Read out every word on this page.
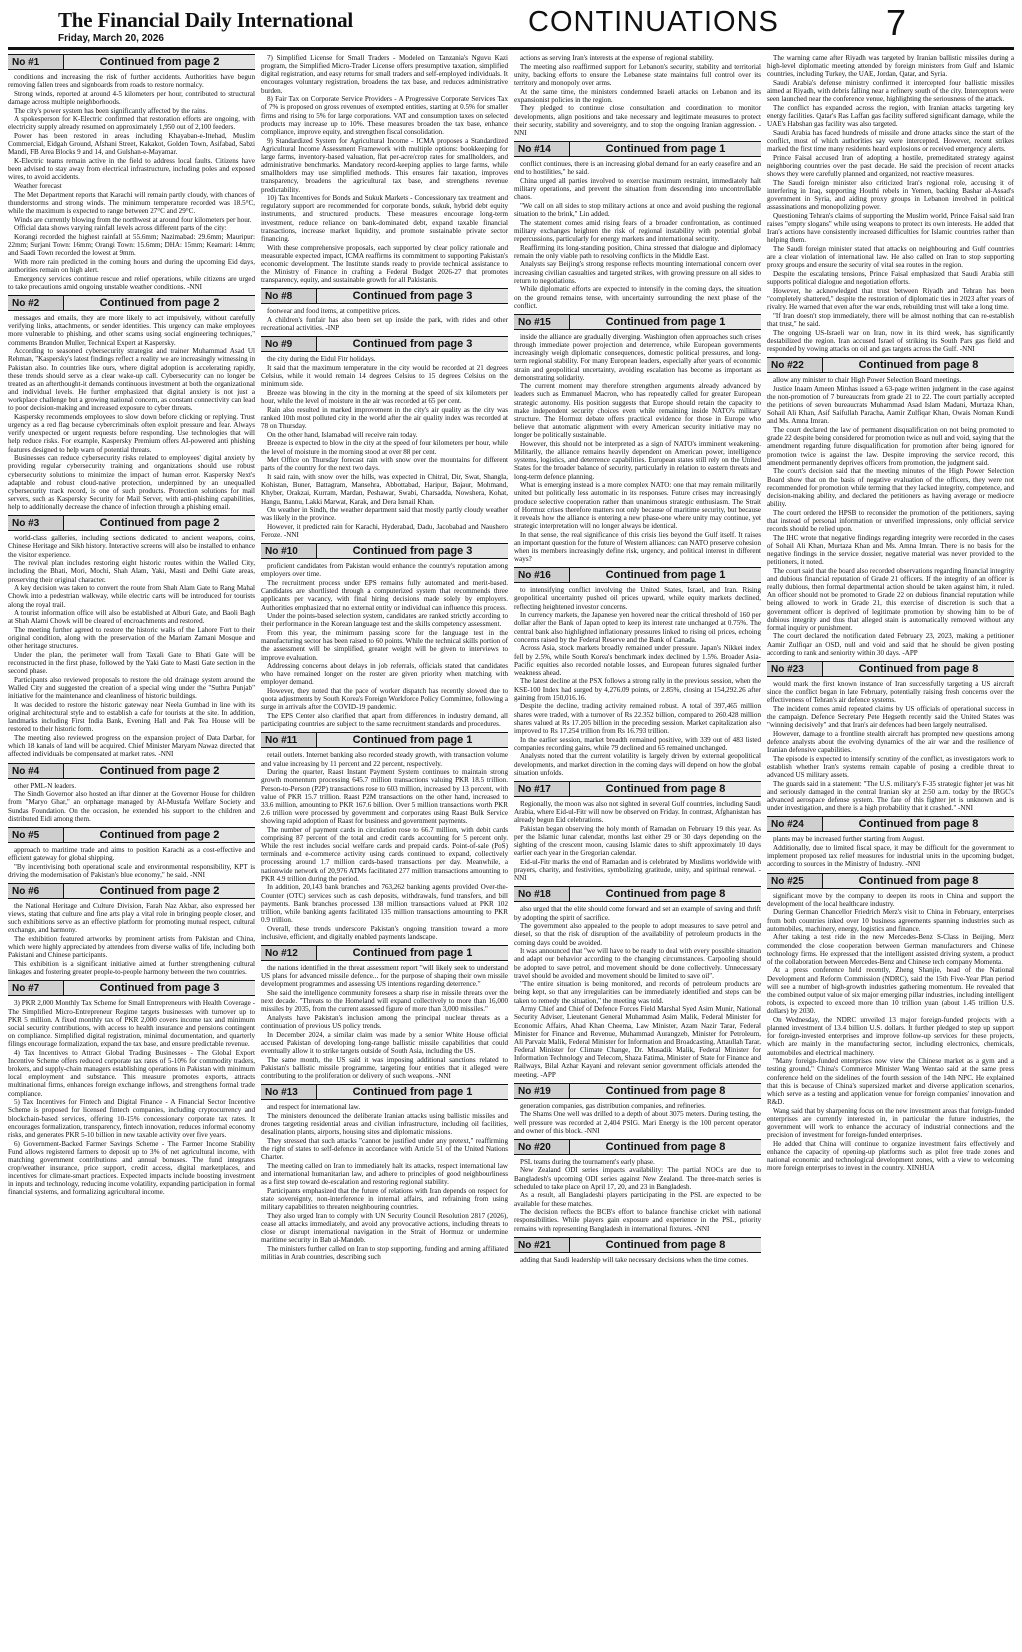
The Financial Daily International
Friday, March 20, 2026
CONTINUATIONS	7
No #1	Continued from page 2

conditions and increasing the risk of further accidents. Authorities have begun removing fallen trees and signboards from roads to restore normalcy.

Strong winds, reported at around 4-5 kilometers per hour, contributed to structural damage across multiple neighborhoods.

The city's power system has been significantly affected by the rains.

A spokesperson for K-Electric confirmed that restoration efforts are ongoing, with electricity supply already resumed on approximately 1,950 out of 2,100 feeders.

Power has been restored in areas including Khayaban-e-Ittehad, Muslim Commercial, Eidgah Ground, Afshani Street, Kakakot, Golden Town, Asifabad, Sabzi Mandi, FB Area Blocks 9 and 14, and Gulshan-e-Mayamar.

K-Electric teams remain active in the field to address local faults. Citizens have been advised to stay away from electrical infrastructure, including poles and exposed wires, to avoid accidents.

Weather forecast

The Met Department reports that Karachi will remain partly cloudy, with chances of thunderstorms and strong winds. The minimum temperature recorded was 18.5°C, while the maximum is expected to range between 27°C and 29°C.

Winds are currently blowing from the northwest at around four kilometers per hour.

Official data shows varying rainfall levels across different parts of the city:

Korangi recorded the highest rainfall at 55.6mm; Nazimabad: 29.6mm; Mauripur: 22mm; Surjani Town: 16mm; Orangi Town: 15.6mm; DHA: 15mm; Keamari: 14mm; and Saadi Town recorded the lowest at 9mm.

With more rain predicted in the coming hours and during the upcoming Eid days, authorities remain on high alert.

Emergency services continue rescue and relief operations, while citizens are urged to take precautions amid ongoing unstable weather conditions. -NNI

No #2	Continued from page 2

messages and emails, they are more likely to act impulsively, without carefully verifying links, attachments, or sender identities. This urgency can make employees more vulnerable to phishing, and other scams using social engineering techniques," comments Brandon Muller, Technical Expert at Kaspersky.

According to seasoned cybersecurity strategist and trainer Muhammad Asad Ul Rehman, "Kaspersky's latest findings reflect a reality we are increasingly witnessing in Pakistan also. In countries like ours, where digital adoption is accelerating rapidly, these trends should serve as a clear wake-up call. Cybersecurity can no longer be treated as an afterthought-it demands continuous investment at both the organizational and individual levels. He further emphasized that digital anxiety is not just a workplace challenge but a growing national concern, as constant connectivity can lead to poor decision-making and increased exposure to cyber threats.

Kaspersky recommends employees to slow down before clicking or replying. Trust urgency as a red flag because cybercriminals often exploit pressure and fear. Always verify unexpected or urgent requests before responding. Use technologies that will help reduce risks. For example, Kaspersky Premium offers AI-powered anti phishing features designed to help warn of potential threats.

Businesses can reduce cybersecurity risks related to employees' digital anxiety by providing regular cybersecurity training and organizations should use robust cybersecurity solutions to minimize the impact of human error. Kaspersky Next's adaptable and robust cloud-native protection, underpinned by an unequalled cybersecurity track record, is one of such products. Protection solutions for mail servers, such as Kaspersky Security for Mail Server, with anti-phishing capabilities, help to additionally decrease the chance of infection through a phishing email.

No #3	Continued from page 2

world-class galleries, including sections dedicated to ancient weapons, coins, Chinese Heritage and Sikh history. Interactive screens will also be installed to enhance the visitor experience.

The revival plan includes restoring eight historic routes within the Walled City, including the Bhati, Mori, Mochi, Shah Alam, Yaki, Masti and Delhi Gate areas, preserving their original character.

A key decision was taken to convert the route from Shah Alam Gate to Rang Mahal Chowk into a pedestrian walkway, while electric carts will be introduced for tourists along the royal trail.

A tourist information office will also be established at Alburi Gate, and Baoli Bagh at Shah Alami Chowk will be cleared of encroachments and restored.

The meeting further agreed to restore the historic walls of the Lahore Fort to their original condition, along with the preservation of the Mariam Zamani Mosque and other heritage structures.

Under the plan, the perimeter wall from Taxali Gate to Bhati Gate will be reconstructed in the first phase, followed by the Yaki Gate to Masti Gate section in the second phase.

Participants also reviewed proposals to restore the old drainage system around the Walled City and suggested the creation of a special wing under the "Suthra Punjab" initiative for the maintenance and cleanliness of historic buildings.

It was decided to restore the historic gateway near Neela Gumbad in line with its original architectural style and to establish a cafe for tourists at the site. In addition, landmarks including First India Bank, Evening Hall and Pak Tea House will be restored to their historic form.

The meeting also reviewed progress on the expansion project of Data Darbar, for which 18 kanals of land will be acquired. Chief Minister Maryam Nawaz directed that affected individuals be compensated at market rates. -NNI

No #4	Continued from page 2

other PML-N leaders.

The Sindh Governor also hosted an iftar dinner at the Governor House for children from "Maryo Ghar," an orphanage managed by Al-Mustafa Welfare Society and Sundas Foundation. On the occasion, he extended his support to the children and distributed Eidi among them.

No #5	Continued from page 2

approach to maritime trade and aims to position Karachi as a cost-effective and efficient gateway for global shipping.

"By incentivising both operational scale and environmental responsibility, KPT is driving the modernisation of Pakistan's blue economy," he said. -NNI

No #6	Continued from page 2

the National Heritage and Culture Division, Farah Naz Akbar, also expressed her views, stating that culture and fine arts play a vital role in bringing people closer, and such exhibitions serve as an effective platform for promoting mutual respect, cultural exchange, and harmony.

The exhibition featured artworks by prominent artists from Pakistan and China, which were highly appreciated by attendees from diverse walks of life, including both Pakistani and Chinese participants.

This exhibition is a significant initiative aimed at further strengthening cultural linkages and fostering greater people-to-people harmony between the two countries.

No #7	Continued from page 3

3) PKR 2,000 Monthly Tax Scheme for Small Entrepreneurs with Health Coverage - The Simplified Micro-Entrepreneur Regime targets businesses with turnover up to PKR 5 million. A fixed monthly tax of PKR 2,000 covers income tax and minimum social security contributions, with access to health insurance and pensions contingent on compliance. Simplified digital registration, minimal documentation, and quarterly filings encourage formalization, expand the tax base, and ensure predictable revenue.

4) Tax Incentives to Attract Global Trading Businesses - The Global Export Incentive Scheme offers reduced corporate tax rates of 5-10% for commodity traders, brokers, and supply-chain managers establishing operations in Pakistan with minimum local employment and substance. This measure promotes exports, attracts multinational firms, enhances foreign exchange inflows, and strengthens formal trade compliance.

5) Tax Incentives for Fintech and Digital Finance - A Financial Sector Incentive Scheme is proposed for licensed fintech companies, including cryptocurrency and blockchain-based services, offering 10-15% concessionary corporate tax rates. It encourages formalization, transparency, fintech innovation, reduces informal economy risks, and generates PKR 5-10 billion in new taxable activity over five years.

6) Government-Backed Farmer Savings Scheme - The Farmer Income Stability Fund allows registered farmers to deposit up to 3% of net agricultural income, with matching government contributions and annual bonuses. The fund integrates crop/weather insurance, price support, credit access, digital marketplaces, and incentives for climate-smart practices. Expected impacts include boosting investment in inputs and technology, reducing income volatility, expanding participation in formal financial systems, and formalizing agricultural income.

7) Simplified License for Small Traders - Modeled on Tanzania's Nguvu Kazi program, the Simplified Micro-Trader License offers presumptive taxation, simplified digital registration, and easy returns for small traders and self-employed individuals. It encourages voluntary registration, broadens the tax base, and reduces administrative burden.

8) Fair Tax on Corporate Service Providers - A Progressive Corporate Services Tax of 7% is proposed on gross revenues of exempted entities, starting at 0.5% for smaller firms and rising to 5% for large corporations. VAT and consumption taxes on selected products may increase up to 10%. These measures broaden the tax base, enhance compliance, improve equity, and strengthen fiscal consolidation.

9) Standardized System for Agricultural Income - ICMA proposes a Standardized Agricultural Income Assessment Framework with multiple options: bookkeeping for large farms, inventory-based valuation, flat per-acre/crop rates for smallholders, and administrative benchmarks. Mandatory record-keeping applies to large farms, while smallholders may use simplified methods. This ensures fair taxation, improves transparency, broadens the agricultural tax base, and strengthens revenue predictability.

10) Tax Incentives for Bonds and Sukuk Markets - Concessionary tax treatment and regulatory support are recommended for corporate bonds, sukuk, hybrid debt equity instruments, and structured products. These measures encourage long-term investment, reduce reliance on bank-dominated debt, expand taxable financial transactions, increase market liquidity, and promote sustainable private sector financing.

With these comprehensive proposals, each supported by clear policy rationale and measurable expected impact, ICMA reaffirms its commitment to supporting Pakistan's economic development. The Institute stands ready to provide technical assistance to the Ministry of Finance in crafting a Federal Budget 2026-27 that promotes transparency, equity, and sustainable growth for all Pakistanis.

No #8	Continued from page 3

footwear and food items, at competitive prices.

A children's funfair has also been set up inside the park, with rides and other recreational activities. -INP

No #9	Continued from page 3

the city during the Eidul Fitr holidays.

It said that the maximum temperature in the city would be recorded at 21 degrees Celsius, while it would remain 14 degrees Celsius to 15 degrees Celsius on the minimum side.

Breeze was blowing in the city in the morning at the speed of six kilometers per hour, while the level of moisture in the air was recorded at 65 per cent.

Rain also resulted in marked improvement in the city's air quality as the city was ranked 10th most polluted city in the world after the air quality index was recorded at 78 on Thursday.

On the other hand, Islamabad will receive rain today.

Breeze is expected to blow in the city at the speed of four kilometers per hour, while the level of moisture in the morning stood at over 88 per cent.

Met Office on Thursday forecast rain with snow over the mountains for different parts of the country for the next two days.

It said rain, with snow over the hills, was expected in Chitral, Dir, Swat, Shangla, Kohistan, Buner, Battagram, Mansehra, Abbottabad, Haripur, Bajaur, Mohmand, Khyber, Orakzai, Kurram, Mardan, Peshawar, Swabi, Charsadda, Nowshera, Kohat, Hangu, Bannu, Lakki Marwat, Karak, and Dera Ismail Khan.

On weather in Sindh, the weather department said that mostly partly cloudy weather was likely in the province.

However, it predicted rain for Karachi, Hyderabad, Dadu, Jacobabad and Naushero Feroze. -NNI

No #10	Continued from page 3

proficient candidates from Pakistan would enhance the country's reputation among employers over time.

The recruitment process under EPS remains fully automated and merit-based. Candidates are shortlisted through a computerized system that recommends three applicants per vacancy, with final hiring decisions made solely by employers. Authorities emphasized that no external entity or individual can influence this process.

Under the points-based selection system, candidates are ranked strictly according to their performance in the Korean language test and the skills competency assessment.

From this year, the minimum passing score for the language test in the manufacturing sector has been raised to 60 points. While the technical skills portion of the assessment will be simplified, greater weight will be given to interviews to improve evaluation.

Addressing concerns about delays in job referrals, officials stated that candidates who have remained longer on the roster are given priority when matching with employer demand.

However, they noted that the pace of worker dispatch has recently slowed due to quota adjustments by South Korea's Foreign Workforce Policy Committee, following a surge in arrivals after the COVID-19 pandemic.

The EPS Center also clarified that apart from differences in industry demand, all participating countries are subject to the same recruitment standards and procedures.

No #11	Continued from page 1

retail outlets. Internet banking also recorded steady growth, with transaction volume and value increasing by 11 percent and 22 percent, respectively.

During the quarter, Raast Instant Payment System continues to maintain strong growth momentum processing 645.7 million transactions valuing PKR 18.5 trillion. Person-to-Person (P2P) transactions rose to 603 million, increased by 13 percent, with value of PKR 15.7 trillion. Raast P2M transactions on the other hand, increased to 33.6 million, amounting to PKR 167.6 billion. Over 5 million transactions worth PKR 2.6 trillion were processed by government and corporates using Raast Bulk Service showing rapid adoption of Raast for business and government payments.

The number of payment cards in circulation rose to 66.7 million, with debit cards comprising 87 percent of the total and credit cards accounting for 5 percent only. While the rest includes social welfare cards and prepaid cards. Point-of-sale (PoS) terminals and e-commerce activity using cards continued to expand, collectively processing around 1.7 million cards-based transactions per day. Meanwhile, a nationwide network of 20,976 ATMs facilitated 277 million transactions amounting to PKR 4.9 trillion during the period.

In addition, 20,143 bank branches and 763,262 banking agents provided Over-the-Counter (OTC) services such as cash deposits, withdrawals, fund transfers, and bill payments. Bank branches processed 138 million transactions valued at PKR 102 trillion, while banking agents facilitated 135 million transactions amounting to PKR 0.9 trillion.

Overall, these trends underscore Pakistan's ongoing transition toward a more inclusive, efficient, and digitally enabled payments landscape.

No #12	Continued from page 1

the nations identified in the threat assessment report "will likely seek to understand US plans for advanced missile defence... for the purpose of shaping their own missile development programmes and assessing US intentions regarding deterrence."

She said the intelligence community foresees a sharp rise in missile threats over the next decade. "Threats to the Homeland will expand collectively to more than 16,000 missiles by 2035, from the current assessed figure of more than 3,000 missiles."

Analysts have Pakistan's inclusion among the principal nuclear threats as a continuation of previous US policy trends.

In December 2024, a similar claim was made by a senior White House official accused Pakistan of developing long-range ballistic missile capabilities that could eventually allow it to strike targets outside of South Asia, including the US.

The same month, the US said it was imposing additional sanctions related to Pakistan's ballistic missile programme, targeting four entities that it alleged were contributing to the proliferation or delivery of such weapons. -NNI

No #13	Continued from page 1

and respect for international law.

The ministers denounced the deliberate Iranian attacks using ballistic missiles and drones targeting residential areas and civilian infrastructure, including oil facilities, desalination plants, airports, housing sites and diplomatic missions.

They stressed that such attacks "cannot be justified under any pretext," reaffirming the right of states to self-defence in accordance with Article 51 of the United Nations Charter.

The meeting called on Iran to immediately halt its attacks, respect international law and international humanitarian law, and adhere to principles of good neighbourliness as a first step toward de-escalation and restoring regional stability.

Participants emphasized that the future of relations with Iran depends on respect for state sovereignty, non-interference in internal affairs, and refraining from using military capabilities to threaten neighbouring countries.

They also urged Iran to comply with UN Security Council Resolution 2817 (2026), cease all attacks immediately, and avoid any provocative actions, including threats to close or disrupt international navigation in the Strait of Hormuz or undermine maritime security in Bab al-Mandeb.

The ministers further called on Iran to stop supporting, funding and arming affiliated militias in Arab countries, describing such

actions as serving Iran's interests at the expense of regional stability.

The meeting also reaffirmed support for Lebanon's security, stability and territorial unity, backing efforts to ensure the Lebanese state maintains full control over its territory and monopoly over arms.

At the same time, the ministers condemned Israeli attacks on Lebanon and its expansionist policies in the region.

They pledged to continue close consultation and coordination to monitor developments, align positions and take necessary and legitimate measures to protect their security, stability and sovereignty, and to stop the ongoing Iranian aggression. -NNI

No #14	Continued from page 1

conflict continues, there is an increasing global demand for an early ceasefire and an end to hostilities," he said.

China urged all parties involved to exercise maximum restraint, immediately halt military operations, and prevent the situation from descending into uncontrollable chaos.

"We call on all sides to stop military actions at once and avoid pushing the regional situation to the brink," Lin added.

The statement comes amid rising fears of a broader confrontation, as continued military exchanges heighten the risk of regional instability with potential global repercussions, particularly for energy markets and international security.

Reaffirming its long-standing position, China stressed that dialogue and diplomacy remain the only viable path to resolving conflicts in the Middle East.

Analysts say Beijing's strong response reflects mounting international concern over increasing civilian casualties and targeted strikes, with growing pressure on all sides to return to negotiations.

While diplomatic efforts are expected to intensify in the coming days, the situation on the ground remains tense, with uncertainty surrounding the next phase of the conflict.

No #15	Continued from page 1

inside the alliance are gradually diverging. Washington often approaches such crises through immediate power projection and deterrence, while European governments increasingly weigh diplomatic consequences, domestic political pressures, and long-term regional stability. For many European leaders, especially after years of economic strain and geopolitical uncertainty, avoiding escalation has become as important as demonstrating solidarity.

The current moment may therefore strengthen arguments already advanced by leaders such as Emmanuel Macron, who has repeatedly called for greater European strategic autonomy. His position suggests that Europe should retain the capacity to make independent security choices even while remaining inside NATO's military structure. The Hormuz debate offers practical evidence for those in Europe who believe that automatic alignment with every American security initiative may no longer be politically sustainable.

However, this should not be interpreted as a sign of NATO's imminent weakening. Militarily, the alliance remains heavily dependent on American power, intelligence systems, logistics, and deterrence capabilities. European states still rely on the United States for the broader balance of security, particularly in relation to eastern threats and long-term defence planning.

What is emerging instead is a more complex NATO: one that may remain militarily united but politically less automatic in its responses. Future crises may increasingly produce selective cooperation rather than unanimous strategic enthusiasm. The Strait of Hormuz crises therefore matters not only because of maritime security, but because it reveals how the alliance is entering a new phase-one where unity may continue, yet strategic interpretation will no longer always be identical.

In that sense, the real significance of this crisis lies beyond the Gulf itself. It raises an important question for the future of Western alliances: can NATO preserve cohesion when its members increasingly define risk, urgency, and political interest in different ways?

No #16	Continued from page 1

to intensifying conflict involving the United States, Israel, and Iran. Rising geopolitical uncertainty pushed oil prices upward, while equity markets declined, reflecting heightened investor concerns.

In currency markets, the Japanese yen hovered near the critical threshold of 160 per dollar after the Bank of Japan opted to keep its interest rate unchanged at 0.75%. The central bank also highlighted inflationary pressures linked to rising oil prices, echoing concerns raised by the Federal Reserve and the Bank of Canada.

Across Asia, stock markets broadly remained under pressure. Japan's Nikkei index fell by 2.5%, while South Korea's benchmark index declined by 1.5%. Broader Asia-Pacific equities also recorded notable losses, and European futures signaled further weakness ahead.

The latest decline at the PSX follows a strong rally in the previous session, when the KSE-100 Index had surged by 4,276.09 points, or 2.85%, closing at 154,292.26 after gaining from 150,016.16.

Despite the decline, trading activity remained robust. A total of 397,465 million shares were traded, with a turnover of Rs 22.352 billion, compared to 260.428 million shares valued at Rs 17.205 billion in the preceding session. Market capitalization also improved to Rs 17.254 trillion from Rs 16.793 trillion.

In the earlier session, market breadth remained positive, with 339 out of 483 listed companies recording gains, while 79 declined and 65 remained unchanged.

Analysts noted that the current volatility is largely driven by external geopolitical developments, and market direction in the coming days will depend on how the global situation unfolds.

No #17	Continued from page 8

Regionally, the moon was also not sighted in several Gulf countries, including Saudi Arabia, where Eid-ul-Fitr will now be observed on Friday. In contrast, Afghanistan has already begun Eid celebrations.

Pakistan began observing the holy month of Ramadan on February 19 this year. As per the Islamic lunar calendar, months last either 29 or 30 days depending on the sighting of the crescent moon, causing Islamic dates to shift approximately 10 days earlier each year in the Gregorian calendar.

Eid-ul-Fitr marks the end of Ramadan and is celebrated by Muslims worldwide with prayers, charity, and festivities, symbolizing gratitude, unity, and spiritual renewal. -NNI

No #18	Continued from page 8

also urged that the elite should come forward and set an example of saving and thrift by adopting the spirit of sacrifice.

The government also appealed to the people to adopt measures to save petrol and diesel, so that the risk of disruption of the availability of petroleum products in the coming days could be avoided.

It was announced that "we will have to be ready to deal with every possible situation and adapt our behavior according to the changing circumstances. Carpooling should be adopted to save petrol, and movement should be done collectively. Unnecessary travel should be avoided and movement should be limited to save oil".

"The entire situation is being monitored, and records of petroleum products are being kept, so that any irregularities can be immediately identified and steps can be taken to remedy the situation," the meeting was told.

Army Chief and Chief of Defence Forces Field Marshal Syed Asim Munir, National Security Adviser, Lieutenant General Muhammad Asim Malik, Federal Minister for Economic Affairs, Ahad Khan Cheema, Law Minister, Azam Nazir Tarar, Federal Minister for Finance and Revenue, Muhammad Aurangzeb, Minister for Petroleum, Ali Parvaiz Malik, Federal Minister for Information and Broadcasting, Attaullah Tarar, Federal Minister for Climate Change, Dr. Musadik Malik, Federal Minister for Information Technology and Telecom, Shaza Fatima, Minister of State for Finance and Railways, Bilal Azhar Kayani and relevant senior government officials attended the meeting. -APP

No #19	Continued from page 8

generation companies, gas distribution companies, and refineries.

The Shams One well was drilled to a depth of about 3075 meters. During testing, the well pressure was recorded at 2,404 PSIG. Mari Energy is the 100 percent operator and owner of this block. -NNI

No #20	Continued from page 8

PSL teams during the tournament's early phase.

New Zealand ODI series impacts availability: The partial NOCs are due to Bangladesh's upcoming ODI series against New Zealand. The three-match series is scheduled to take place on April 17, 20, and 23 in Bangladesh.

As a result, all Bangladeshi players participating in the PSL are expected to be available for these matches.

The decision reflects the BCB's effort to balance franchise cricket with national responsibilities. While players gain exposure and experience in the PSL, priority remains with representing Bangladesh in international fixtures. -NNI

No #21	Continued from page 8

adding that Saudi leadership will take necessary decisions when the time comes.

The warning came after Riyadh was targeted by Iranian ballistic missiles during a high-level diplomatic meeting attended by foreign ministers from Gulf and Islamic countries, including Turkey, the UAE, Jordan, Qatar, and Syria.

Saudi Arabia's defense ministry confirmed it intercepted four ballistic missiles aimed at Riyadh, with debris falling near a refinery south of the city. Interceptors were seen launched near the conference venue, highlighting the seriousness of the attack.

The conflict has expanded across the region, with Iranian attacks targeting key energy facilities. Qatar's Ras Laffan gas facility suffered significant damage, while the UAE's Habshan gas facility was also targeted.

Saudi Arabia has faced hundreds of missile and drone attacks since the start of the conflict, most of which authorities say were intercepted. However, recent strikes marked the first time many residents heard explosions or received emergency alerts.

Prince Faisal accused Iran of adopting a hostile, premeditated strategy against neighboring countries over the past decade. He said the precision of recent attacks shows they were carefully planned and organized, not reactive measures.

The Saudi foreign minister also criticized Iran's regional role, accusing it of interfering in Iraq, supporting Houthi rebels in Yemen, backing Bashar al-Assad's government in Syria, and aiding proxy groups in Lebanon involved in political assassinations and monopolizing power.

Questioning Tehran's claims of supporting the Muslim world, Prince Faisal said Iran raises "empty slogans" while using weapons to protect its own interests. He added that Iran's actions have consistently increased difficulties for Islamic countries rather than helping them.

The Saudi foreign minister stated that attacks on neighbouring and Gulf countries are a clear violation of international law. He also called on Iran to stop supporting proxy groups and ensure the security of vital sea routes in the region.

Despite the escalating tensions, Prince Faisal emphasized that Saudi Arabia still supports political dialogue and negotiation efforts.

However, he acknowledged that trust between Riyadh and Tehran has been "completely shattered," despite the restoration of diplomatic ties in 2023 after years of rivalry. He warned that even after the war ends, rebuilding trust will take a long time.

"If Iran doesn't stop immediately, there will be almost nothing that can re-establish that trust," he said.

The ongoing US-Israeli war on Iran, now in its third week, has significantly destabilized the region. Iran accused Israel of striking its South Pars gas field and responded by vowing attacks on oil and gas targets across the Gulf. -NNI

No #22	Continued from page 8

allow any minister to chair High Power Selection Board meetings.

Justice Inaam Ameen Minhas issued a 63-page written judgment in the case against the non-promotion of 7 bureaucrats from grade 21 to 22. The court partially accepted the petitions of seven bureaucrats Muhammad Asad Islam Madani, Murtaza Khan, Sohail Ali Khan, Asif Saifullah Paracha, Aamir Zulfiqar Khan, Owais Noman Kundi and Ms. Amna Imran.

The court declared the law of permanent disqualification on not being promoted to grade 22 despite being considered for promotion twice as null and void, saying that the amendment regarding future disqualification for promotion after being ignored for promotion twice is against the law. Despite improving the service record, this amendment permanently deprives officers from promotion, the judgment said.

The court's decision said that the meeting minutes of the High Power Selection Board show that on the basis of negative evaluation of the officers, they were not recommended for promotion while terming that they lacked integrity, competence, and decision-making ability, and declared the petitioners as having average or mediocre ability.

The court ordered the HPSB to reconsider the promotion of the petitioners, saying that instead of personal information or unverified impressions, only official service records should be relied upon.

The IHC wrote that negative findings regarding integrity were recorded in the cases of Sohail Ali Khan, Murtaza Khan and Ms. Amna Imran. There is no basis for the negative findings in the service dossier, negative material was never provided to the petitioners, it noted.

The court said that the board also recorded observations regarding financial integrity and dubious financial reputation of Grade 21 officers. If the integrity of an officer is really dubious, then formal departmental action should be taken against him, it ruled. An officer should not be promoted to Grade 22 on dubious financial reputation while being allowed to work in Grade 21, this exercise of discretion is such that a government officer is deprived of legitimate promotion by showing him to be of dubious integrity and thus that alleged stain is automatically removed without any formal inquiry or punishment.

The court declared the notification dated February 23, 2023, making a petitioner Aamir Zulfiqar an OSD, null and void and said that he should be given posting according to rank and seniority within 30 days. -APP

No #23	Continued from page 8

would mark the first known instance of Iran successfully targeting a US aircraft since the conflict began in late February, potentially raising fresh concerns over the effectiveness of Tehran's air defence systems.

The incident comes amid repeated claims by US officials of operational success in the campaign. Defence Secretary Pete Hegseth recently said the United States was "winning decisively" and that Iran's air defences had been largely neutralised.

However, damage to a frontline stealth aircraft has prompted new questions among defence analysts about the evolving dynamics of the air war and the resilience of Iranian defensive capabilities.

The episode is expected to intensify scrutiny of the conflict, as investigators work to establish whether Iran's systems remain capable of posing a credible threat to advanced US military assets.

The guards said in a statement: "The U.S. military's F-35 strategic fighter jet was hit and seriously damaged in the central Iranian sky at 2:50 a.m. today by the IRGC's advanced aerospace defense system. The fate of this fighter jet is unknown and is under investigation, and there is a high probability that it crashed." -NNI

No #24	Continued from page 8

plants may be increased further starting from August.

Additionally, due to limited fiscal space, it may be difficult for the government to implement proposed tax relief measures for industrial units in the upcoming budget, according to sources in the Ministry of Industry. -NNI

No #25	Continued from page 8

significant move by the company to deepen its roots in China and support the development of the local healthcare industry.

During German Chancellor Friedrich Merz's visit to China in February, enterprises from both countries inked over 10 business agreements spanning industries such as automobiles, machinery, energy, logistics and finance.

After taking a test ride in the new Mercedes-Benz S-Class in Beijing, Merz commended the close cooperation between German manufacturers and Chinese technology firms. He expressed that the intelligent assisted driving system, a product of the collaboration between Mercedes-Benz and Chinese tech company Momenta.

At a press conference held recently, Zheng Shanjie, head of the National Development and Reform Commission (NDRC), said the 15th Five-Year Plan period will see a number of high-growth industries gathering momentum. He revealed that the combined output value of six major emerging pillar industries, including intelligent robots, is expected to exceed more than 10 trillion yuan (about 1.45 trillion U.S. dollars) by 2030.

On Wednesday, the NDRC unveiled 13 major foreign-funded projects with a planned investment of 13.4 billion U.S. dollars. It further pledged to step up support for foreign-invested enterprises and improve follow-up services for these projects, which are mainly in the manufacturing sector, including electronics, chemicals, automobiles and electrical machinery.

"Many foreign-funded enterprises now view the Chinese market as a gym and a testing ground," China's Commerce Minister Wang Wentao said at the same press conference held on the sidelines of the fourth session of the 14th NPC. He explained that this is because of China's supersized market and diverse application scenarios, which serve as a testing and application venue for foreign companies' innovation and R&D.

Wang said that by sharpening focus on the new investment areas that foreign-funded enterprises are currently interested in, in particular the future industries, the government will work to enhance the accuracy of industrial connections and the precision of investment for foreign-funded enterprises.

He added that China will continue to organize investment fairs effectively and enhance the capacity of opening-up platforms such as pilot free trade zones and national economic and technological development zones, with a view to welcoming more foreign enterprises to invest in the country. XINHUA
